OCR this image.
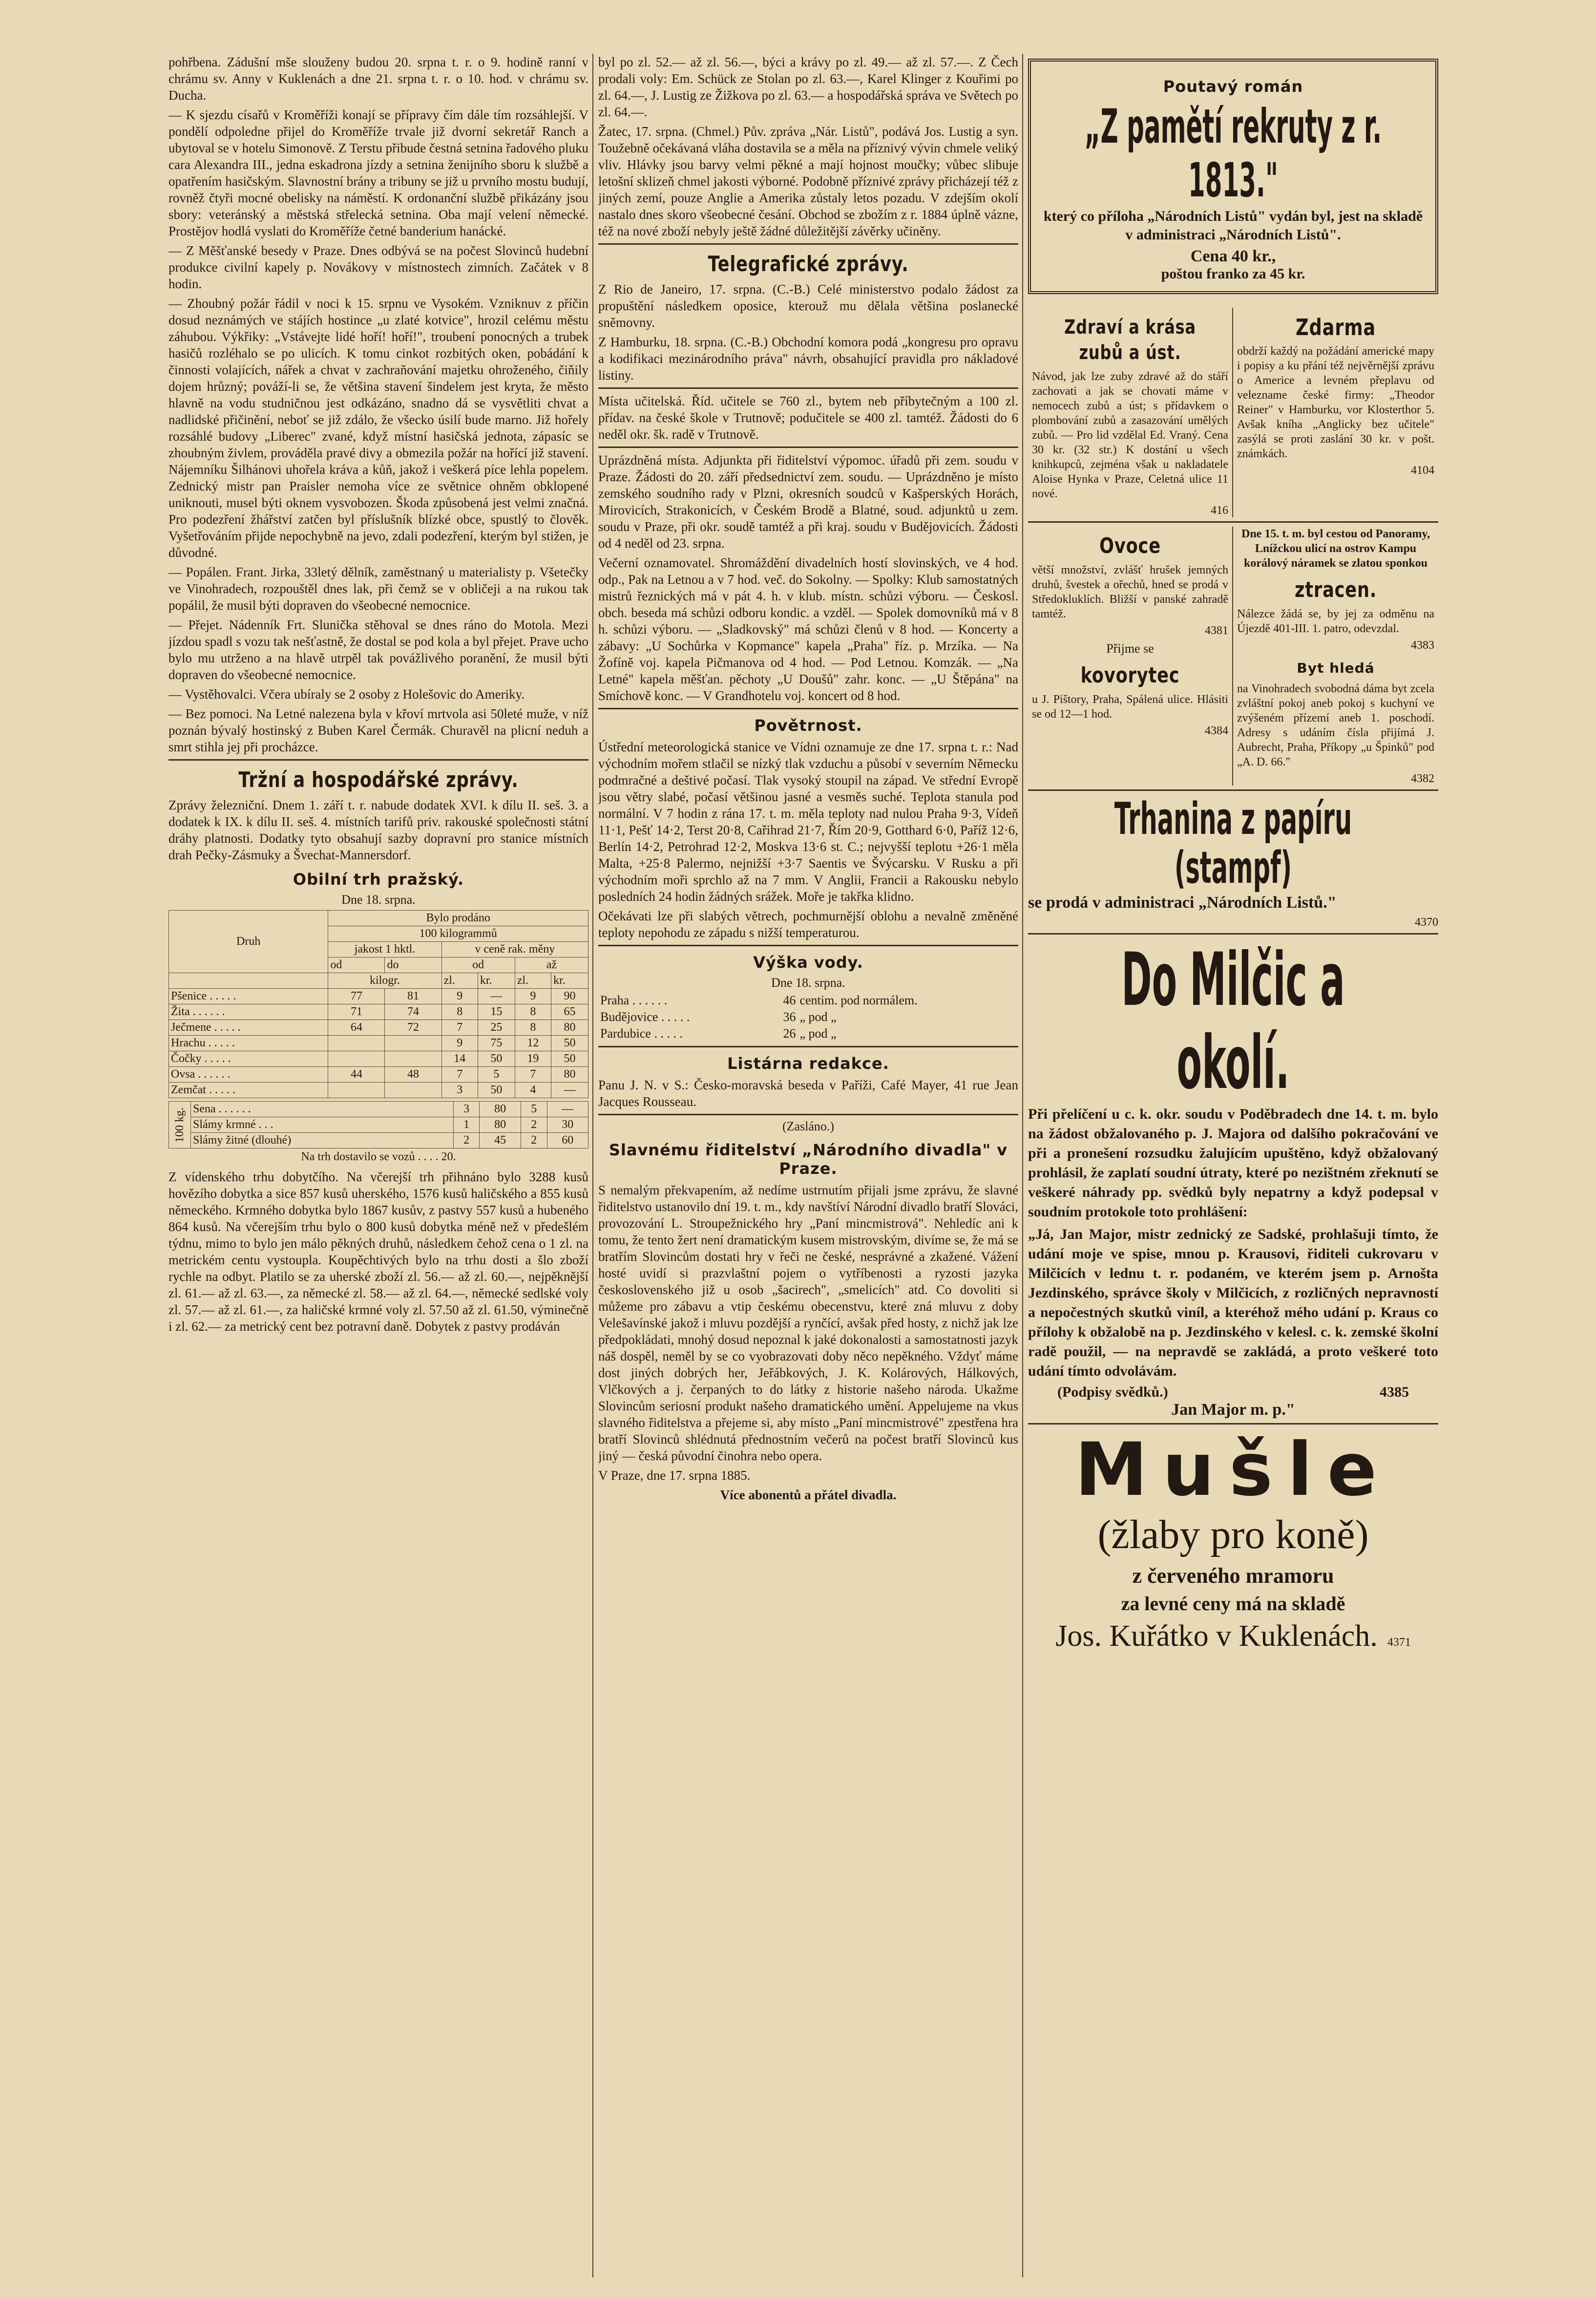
pohřbena. Zádušní mše slouženy budou 20. srpna t. r. o 9. hodině ranní v chrámu sv. Anny v Kuklenách a dne 21. srpna t. r. o 10. hod. v chrámu sv. Ducha.

— K sjezdu císařů v Kroměříži konají se přípravy čím dále tím rozsáhlejší. V pondělí odpoledne přijel do Kroměříže trvale již dvorní sekretář Ranch a ubytoval se v hotelu Simonově. Z Terstu přibude čestná setnina řadového pluku cara Alexandra III., jedna eskadrona jízdy a setnina ženijního sboru k službě a opatřením hasičským. Slavnostní brány a tribuny se již u prvního mostu budují, rovněž čtyři mocné obelisky na náměstí. K ordonanční službě přikázány jsou sbory: veteránský a městská střelecká setnina. Oba mají velení německé. Prostějov hodlá vyslati do Kroměříže četné banderium hanácké.

— Z Měšťanské besedy v Praze. Dnes odbývá se na počest Slovinců hudební produkce civilní kapely p. Novákovy v místnostech zimních. Začátek v 8 hodin.

— Zhoubný požár řádil v noci k 15. srpnu ve Vysokém. Vzniknuv z příčin dosud neznámých ve stájích hostince „u zlaté kotvice", hrozil celému městu záhubou. Výkřiky: „Vstávejte lidé hoří! hoří!", troubení ponocných a trubek hasičů rozléhalo se po ulicích. K tomu cinkot rozbitých oken, pobádání k činnosti volajících, nářek a chvat v zachraňování majetku ohroženého, čiňily dojem hrůzný; pováží-li se, že většina stavení šindelem jest kryta, že město hlavně na vodu studničnou jest odkázáno, snadno dá se vysvětliti chvat a nadlidské přičinění, neboť se již zdálo, že všecko úsilí bude marno. Již hořely rozsáhlé budovy „Liberec" zvané, když místní hasičská jednota, zápasíc se zhoubným živlem, prováděla pravé divy a obmezila požár na hořící již stavení. Nájemníku Šilhánovi uhořela kráva a kůň, jakož i veškerá píce lehla popelem. Zednický mistr pan Praisler nemoha více ze světnice ohněm obklopené uniknouti, musel býti oknem vysvobozen. Škoda způsobená jest velmi značná. Pro podezření žhářství zatčen byl příslušník blízké obce, spustlý to člověk. Vyšetřováním přijde nepochybně na jevo, zdali podezření, kterým byl stižen, je důvodné.

— Popálen. Frant. Jirka, 33letý dělník, zaměstnaný u materialisty p. Všetečky ve Vinohradech, rozpouštěl dnes lak, při čemž se v obličeji a na rukou tak popálil, že musil býti dopraven do všeobecné nemocnice.

— Přejet. Nádenník Frt. Slunička stěhoval se dnes ráno do Motola. Mezi jízdou spadl s vozu tak nešťastně, že dostal se pod kola a byl přejet. Prave ucho bylo mu utrženo a na hlavě utrpěl tak povážlivého poranění, že musil býti dopraven do všeobecné nemocnice.

— Vystěhovalci. Včera ubíraly se 2 osoby z Holešovic do Ameriky.

— Bez pomoci. Na Letné nalezena byla v křoví mrtvola asi 50leté muže, v níž poznán bývalý hostinský z Buben Karel Čermák. Churavěl na plicní neduh a smrt stihla jej při procházce.

Tržní a hospodářské zprávy.

Zprávy železniční. Dnem 1. září t. r. nabude dodatek XVI. k dílu II. seš. 3. a dodatek k IX. k dílu II. seš. 4. místních tarifů priv. rakouské společnosti státní dráhy platnosti. Dodatky tyto obsahují sazby dopravní pro stanice místních drah Pečky-Zásmuky a Švechat-Mannersdorf.

Obilní trh pražský.
Dne 18. srpna.
Druh	Bylo prodáno					
	100 kilogrammů					
	jakost 1 hktl.		v ceně rak. měny			
	od	do	od		až	
	kilogr.		zl.	kr.	zl.	kr.
Pšenice . . . . .	77	81	9	—	9	90
Žita . . . . . .	71	74	8	15	8	65
Ječmene . . . . .	64	72	7	25	8	80
Hrachu . . . . .			9	75	12	50
Čočky . . . . .			14	50	19	50
Ovsa . . . . . .	44	48	7	5	7	80
Zemčat . . . . .			3	50	4	—
100 kg.	Sena . . . . . .	3	80	5	—
	Slámy krmné . . .	1	80	2	30
	Slámy žitné (dlouhé)	2	45	2	60
Na trh dostavilo se vozů . . . . 20.

Z vídenského trhu dobytčího. Na včerejší trh přihnáno bylo 3288 kusů hovězího dobytka a sice 857 kusů uherského, 1576 kusů haličského a 855 kusů německého. Krmného dobytka bylo 1867 kusův, z pastvy 557 kusů a hubeného 864 kusů. Na včerejším trhu bylo o 800 kusů dobytka méně než v předešlém týdnu, mimo to bylo jen málo pěkných druhů, následkem čehož cena o 1 zl. na metrickém centu vystoupla. Koupěchtivých bylo na trhu dosti a šlo zboží rychle na odbyt. Platilo se za uherské zboží zl. 56.— až zl. 60.—, nejpěknější zl. 61.— až zl. 63.—, za německé zl. 58.— až zl. 64.—, německé sedlské voly zl. 57.— až zl. 61.—, za haličské krmné voly zl. 57.50 až zl. 61.50, výminečně i zl. 62.— za metrický cent bez potravní daně. Dobytek z pastvy prodáván

byl po zl. 52.— až zl. 56.—, býci a krávy po zl. 49.— až zl. 57.—. Z Čech prodali voly: Em. Schück ze Stolan po zl. 63.—, Karel Klinger z Kouřimi po zl. 64.—, J. Lustig ze Žižkova po zl. 63.— a hospodářská správa ve Světech po zl. 64.—.

Žatec, 17. srpna. (Chmel.) Pův. zpráva „Nár. Listů", podává Jos. Lustig a syn. Toužebně očekávaná vláha dostavila se a měla na příznivý vývin chmele veliký vliv. Hlávky jsou barvy velmi pěkné a mají hojnost moučky; vůbec slibuje letošní sklizeň chmel jakosti výborné. Podobně příznivé zprávy přicházejí též z jiných zemí, pouze Anglie a Amerika zůstaly letos pozadu. V zdejším okolí nastalo dnes skoro všeobecné česání. Obchod se zbožím z r. 1884 úplně vázne, též na nové zboží nebyly ještě žádné důležitější závěrky učiněny.

Telegrafické zprávy.

Z Rio de Janeiro, 17. srpna. (C.-B.) Celé ministerstvo podalo žádost za propuštění následkem oposice, kterouž mu dělala většina poslanecké sněmovny.

Z Hamburku, 18. srpna. (C.-B.) Obchodní komora podá „kongresu pro opravu a kodifikaci mezinárodního práva" návrh, obsahující pravidla pro nákladové listiny.

Místa učitelská. Říd. učitele se 760 zl., bytem neb příbytečným a 100 zl. přídav. na české škole v Trutnově; podučitele se 400 zl. tamtéž. Žádosti do 6 neděl okr. šk. radě v Trutnově.

Uprázdněná místa. Adjunkta při řiditelství výpomoc. úřadů při zem. soudu v Praze. Žádosti do 20. září předsednictví zem. soudu. — Uprázdněno je místo zemského soudního rady v Plzni, okresních soudců v Kašperských Horách, Mirovicích, Strakonicích, v Českém Brodě a Blatné, soud. adjunktů u zem. soudu v Praze, při okr. soudě tamtéž a při kraj. soudu v Budějovicích. Žádosti od 4 neděl od 23. srpna.

Večerní oznamovatel. Shromáždění divadelních hostí slovinských, ve 4 hod. odp., Pak na Letnou a v 7 hod. več. do Sokolny. — Spolky: Klub samostatných mistrů řeznických má v pát 4. h. v klub. místn. schůzi výboru. — Českosl. obch. beseda má schůzi odboru kondic. a vzděl. — Spolek domovníků má v 8 h. schůzi výboru. — „Sladkovský" má schůzi členů v 8 hod. — Koncerty a zábavy: „U Sochůrka v Kopmance" kapela „Praha" říz. p. Mrzíka. — Na Žofíně voj. kapela Pičmanova od 4 hod. — Pod Letnou. Komzák. — „Na Letné" kapela měšťan. pěchoty „U Doušů" zahr. konc. — „U Štěpána" na Smíchově konc. — V Grandhotelu voj. koncert od 8 hod.

Povětrnost.

Ústřední meteorologická stanice ve Vídni oznamuje ze dne 17. srpna t. r.: Nad východním mořem stlačil se nízký tlak vzduchu a působí v severním Německu podmračné a deštivé počasí. Tlak vysoký stoupil na západ. Ve střední Evropě jsou větry slabé, počasí většinou jasné a vesměs suché. Teplota stanula pod normální. V 7 hodin z rána 17. t. m. měla teploty nad nulou Praha 9·3, Vídeň 11·1, Pešť 14·2, Terst 20·8, Cařihrad 21·7, Řím 20·9, Gotthard 6·0, Paříž 12·6, Berlín 14·2, Petrohrad 12·2, Moskva 13·6 st. C.; nejvyšší teplotu +26·1 měla Malta, +25·8 Palermo, nejnižší +3·7 Saentis ve Švýcarsku. V Rusku a při východním moři sprchlo až na 7 mm. V Anglii, Francii a Rakousku nebylo posledních 24 hodin žádných srážek. Moře je takřka klidno.

Očekávati lze při slabých větrech, pochmurnější oblohu a nevalně změněné teploty nepohodu ze západu s nižší temperaturou.

Výška vody.
Dne 18. srpna.
Praha . . . . . .	46	centim. pod normálem.
Budějovice . . . . .	36	„ pod „
Pardubice . . . . .	26	„ pod „
Listárna redakce.

Panu J. N. v S.: Česko-moravská beseda v Paříži, Café Mayer, 41 rue Jean Jacques Rousseau.

(Zasláno.)
Slavnému řiditelství „Národního divadla" v Praze.

S nemalým překvapením, až nedíme ustrnutím přijali jsme zprávu, že slavné řiditelstvo ustanovilo dní 19. t. m., kdy navštíví Národní divadlo bratří Slováci, provozování L. Stroupežnického hry „Paní mincmistrová". Nehledíc ani k tomu, že tento žert není dramatickým kusem mistrovským, divíme se, že má se bratřím Slovincům dostati hry v řeči ne české, nesprávné a zkažené. Vážení hosté uvidí si prazvlaštní pojem o vytříbenosti a ryzosti jazyka československého již u osob „šacirech", „smelicích" atd. Co dovoliti si můžeme pro zábavu a vtip českému obecenstvu, které zná mluvu z doby Velešavínské jakož i mluvu pozdější a rynčící, avšak před hosty, z nichž jak lze předpokládati, mnohý dosud nepoznal k jaké dokonalosti a samostatnosti jazyk náš dospěl, neměl by se co vyobrazovati doby něco nepěkného. Vždyť máme dost jiných dobrých her, Jeřábkových, J. K. Kolárových, Hálkových, Vlčkových a j. čerpaných to do látky z historie našeho národa. Ukažme Slovincům seriosní produkt našeho dramatického umění. Appelujeme na vkus slavného řiditelstva a přejeme si, aby místo „Paní mincmistrové" zpestřena hra bratří Slovinců shlédnutá přednostním večerů na počest bratří Slovinců kus jiný — česká původní činohra nebo opera.

V Praze, dne 17. srpna 1885.

Více abonentů a přátel divadla.

Poutavý román
„Z pamětí rekruty z r. 1813."

který co příloha „Národních Listů" vydán byl, jest na skladě v administraci „Národních Listů".

Cena 40 kr.,
poštou franko za 45 kr.
Zdraví a krása zubů a úst.

Návod, jak lze zuby zdravé až do stáří zachovati a jak se chovati máme v nemocech zubů a úst; s přídavkem o plombování zubů a zasazování umělých zubů. — Pro lid vzdělal Ed. Vraný. Cena 30 kr. (32 str.) K dostání u všech knihkupců, zejména však u nakladatele Aloise Hynka v Praze, Celetná ulice 11 nové.

416
Zdarma

obdrží každý na požádání americké mapy i popisy a ku přání též nejvěrnější zprávu o Americe a levném přeplavu od velezname české firmy: „Theodor Reiner" v Hamburku, vor Klosterthor 5. Avšak kníha „Anglicky bez učitele" zasýlá se proti zaslání 30 kr. v pošt. známkách.

4104
Ovoce

větší množství, zvlášť hrušek jemných druhů, švestek a ořechů, hned se prodá v Středokluklích. Bližší v panské zahradě tamtéž.

4381
Přijme se
kovorytec

u J. Pištory, Praha, Spálená ulice. Hlásiti se od 12—1 hod.

4384

Dne 15. t. m. byl cestou od Panoramy, Lnížckou ulicí na ostrov Kampu korálový náramek se zlatou sponkou

ztracen.

Nálezce žádá se, by jej za odměnu na Újezdě 401-III. 1. patro, odevzdal.

4383
Byt hledá

na Vinohradech svobodná dáma byt zcela zvláštní pokoj aneb pokoj s kuchyní ve zvýšeném přízemí aneb 1. poschodí. Adresy s udáním čísla přijímá J. Aubrecht, Praha, Příkopy „u Špinků" pod „A. D. 66."

4382
Trhanina z papíru (stampf)

se prodá v administraci „Národních Listů."

4370
Do Milčic a okolí.

Při přelíčení u c. k. okr. soudu v Poděbradech dne 14. t. m. bylo na žádost obžalovaného p. J. Majora od dalšího pokračování ve při a pronešení rozsudku žalujícím upuštěno, když obžalovaný prohlásil, že zaplatí soudní útraty, které po nezištném zřeknutí se veškeré náhrady pp. svědků byly nepatrny a když podepsal v soudním protokole toto prohlášení:

„Já, Jan Major, mistr zednický ze Sadské, prohlašuji tímto, že udání moje ve spise, mnou p. Krausovi, řiditeli cukrovaru v Milčicích v lednu t. r. podaném, ve kterém jsem p. Arnošta Jezdinského, správce školy v Milčicích, z rozličných nepravností a nepočestných skutků viníl, a kteréhož mého udání p. Kraus co přílohy k obžalobě na p. Jezdinského v kelesl. c. k. zemské školní radě použil, — na nepravdě se zakládá, a proto veškeré toto udání tímto odvolávám.

(Podpisy svědků.)	4385
Jan Major m. p."
Mušle
(žlaby pro koně)
z červeného mramoru
za levné ceny má na skladě
Jos. Kuřátko v Kuklenách. 4371
